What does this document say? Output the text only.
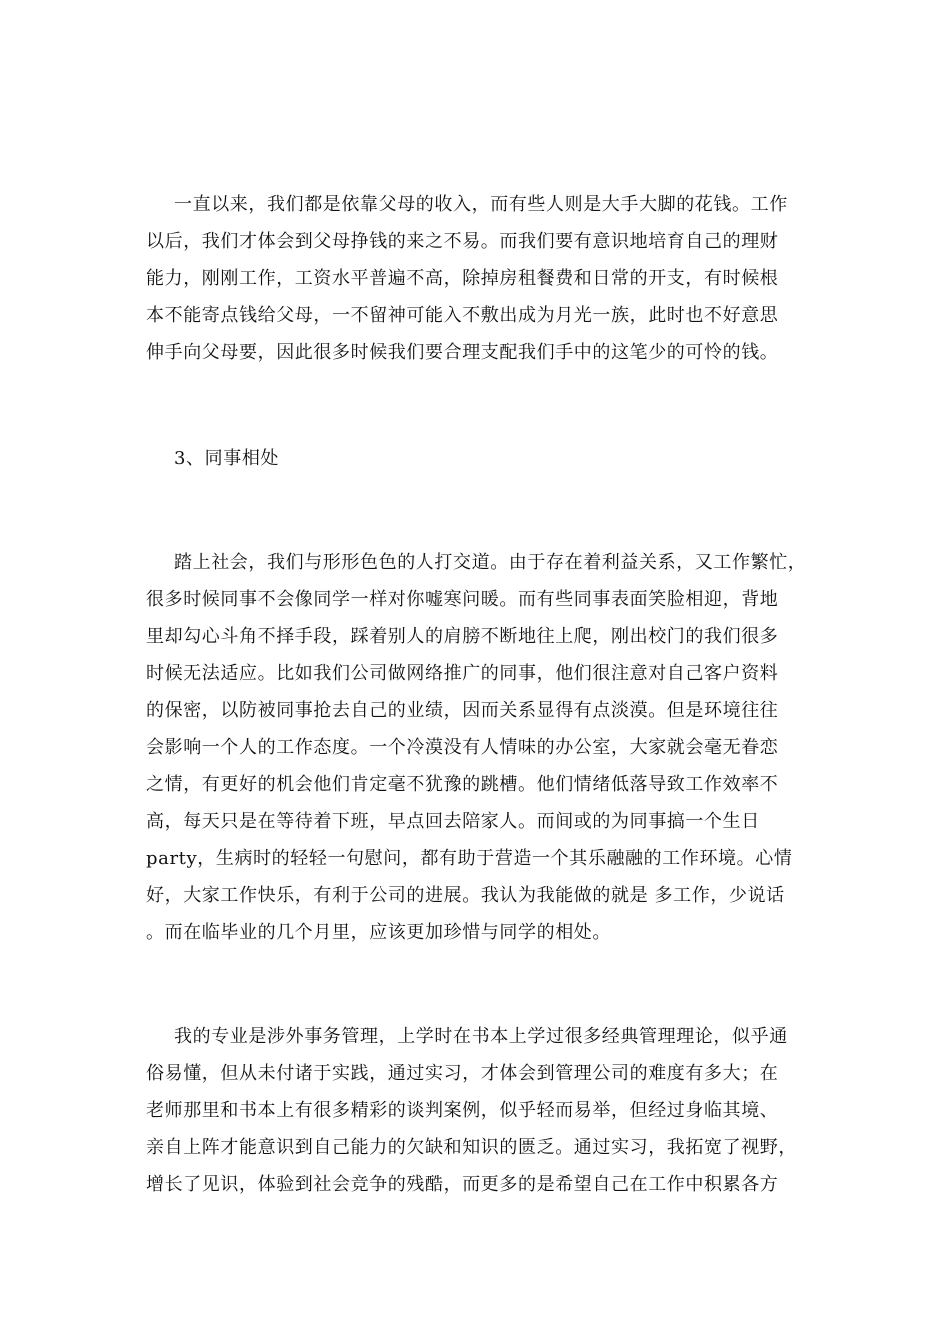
一直以来，我们都是依靠父母的收入，而有些人则是大手大脚的花钱。工作
以后，我们才体会到父母挣钱的来之不易。而我们要有意识地培育自己的理财
能力，刚刚工作，工资水平普遍不高，除掉房租餐费和日常的开支，有时候根
本不能寄点钱给父母，一不留神可能入不敷出成为月光一族，此时也不好意思
伸手向父母要，因此很多时候我们要合理支配我们手中的这笔少的可怜的钱。
3、同事相处
踏上社会，我们与形形色色的人打交道。由于存在着利益关系，又工作繁忙，
很多时候同事不会像同学一样对你嘘寒问暖。而有些同事表面笑脸相迎，背地
里却勾心斗角不择手段，踩着别人的肩膀不断地往上爬，刚出校门的我们很多
时候无法适应。比如我们公司做网络推广的同事，他们很注意对自己客户资料
的保密，以防被同事抢去自己的业绩，因而关系显得有点淡漠。但是环境往往
会影响一个人的工作态度。一个冷漠没有人情味的办公室，大家就会毫无眷恋
之情，有更好的机会他们肯定毫不犹豫的跳槽。他们情绪低落导致工作效率不
高，每天只是在等待着下班，早点回去陪家人。而间或的为同事搞一个生日
party，生病时的轻轻一句慰问，都有助于营造一个其乐融融的工作环境。心情
好，大家工作快乐，有利于公司的进展。我认为我能做的就是 多工作，少说话
。而在临毕业的几个月里，应该更加珍惜与同学的相处。
我的专业是涉外事务管理，上学时在书本上学过很多经典管理理论，似乎通
俗易懂，但从未付诸于实践，通过实习，才体会到管理公司的难度有多大；在
老师那里和书本上有很多精彩的谈判案例，似乎轻而易举，但经过身临其境、
亲自上阵才能意识到自己能力的欠缺和知识的匮乏。通过实习，我拓宽了视野，
增长了见识，体验到社会竞争的残酷，而更多的是希望自己在工作中积累各方
